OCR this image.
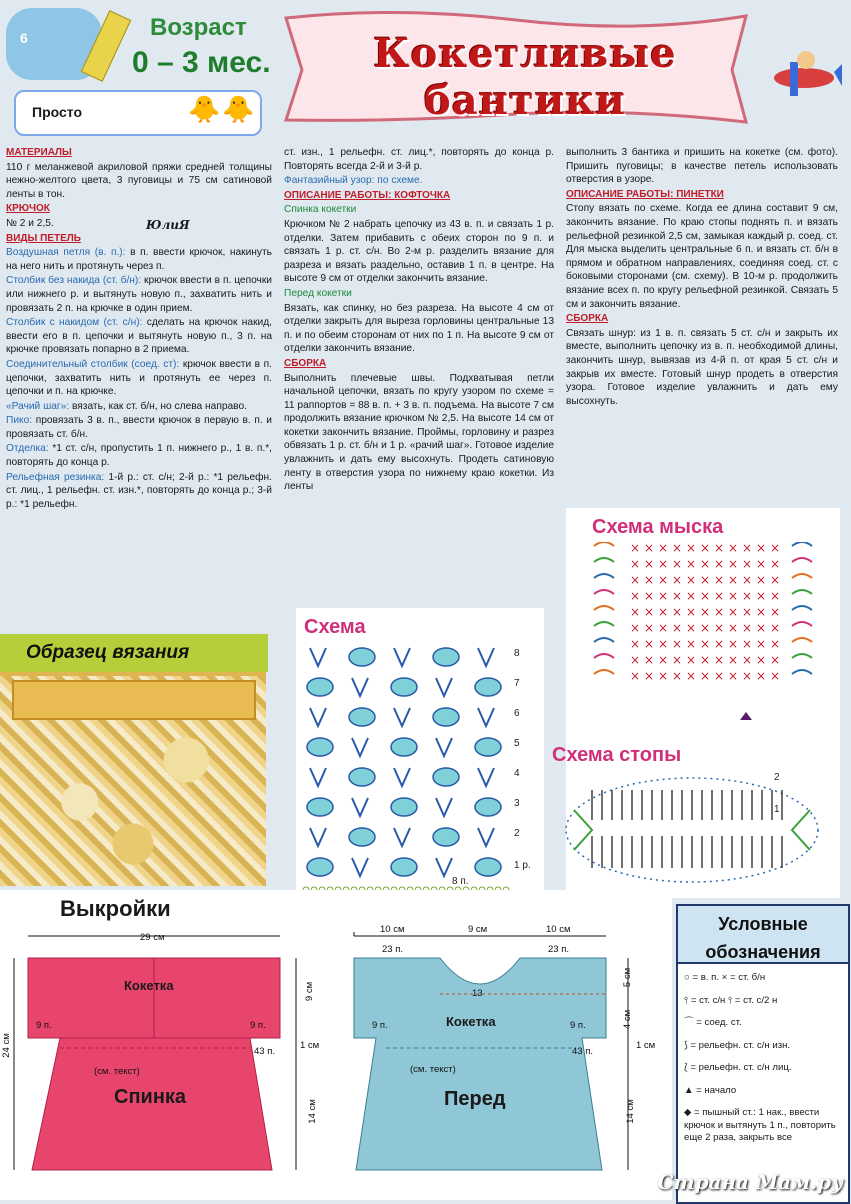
6	Возраст
0 – 3 мес.	Кокетливые бантики
Просто	🐥🐥

МАТЕРИАЛЫ

110 г меланжевой акриловой пряжи средней толщины нежно-желтого цвета, 3 пуговицы и 75 см сатиновой ленты в тон.

КРЮЧОК

№ 2 и 2,5.

ВИДЫ ПЕТЕЛЬ

Воздушная петля (в. п.): в п. ввести крючок, накинуть на него нить и протянуть через п.

Столбик без накида (ст. б/н): крючок ввести в п. цепочки или нижнего р. и вытянуть новую п., захватить нить и провязать 2 п. на крючке в один прием.

Столбик с накидом (ст. с/н): сделать на крючок накид, ввести его в п. цепочки и вытянуть новую п., 3 п. на крючке провязать попарно в 2 приема.

Соединительный столбик (соед. ст): крючок ввести в п. цепочки, захватить нить и протянуть ее через п. цепочки и п. на крючке.

«Рачий шаг»: вязать, как ст. б/н, но слева направо.

Пико: провязать 3 в. п., ввести крючок в первую в. п. и провязать ст. б/н.

Отделка: *1 ст. с/н, пропустить 1 п. нижнего р., 1 в. п.*, повторять до конца р.

Рельефная резинка: 1-й р.: ст. с/н; 2-й р.: *1 рельефн. ст. лиц., 1 рельефн. ст. изн.*, повторять до конца р.; 3-й р.: *1 рельефн.

ЮлиЯ

ст. изн., 1 рельефн. ст. лиц.*, повторять до конца р. Повторять всегда 2-й и 3-й р.

Фантазийный узор: по схеме.

ОПИСАНИЕ РАБОТЫ: КОФТОЧКА

Спинка кокетки

Крючком № 2 набрать цепочку из 43 в. п. и связать 1 р. отделки. Затем прибавить с обеих сторон по 9 п. и связать 1 р. ст. с/н. Во 2-м р. разделить вязание для разреза и вязать раздельно, оставив 1 п. в центре. На высоте 9 см от отделки закончить вязание.

Перед кокетки

Вязать, как спинку, но без разреза. На высоте 4 см от отделки закрыть для выреза горловины центральные 13 п. и по обеим сторонам от них по 1 п. На высоте 9 см от отделки закончить вязание.

СБОРКА

Выполнить плечевые швы. Подхватывая петли начальной цепочки, вязать по кругу узором по схеме = 11 раппортов = 88 в. п. + 3 в. п. подъема. На высоте 7 см продолжить вязание крючком № 2,5. На высоте 14 см от кокетки закончить вязание. Проймы, горловину и разрез обвязать 1 р. ст. б/н и 1 р. «рачий шаг». Готовое изделие увлажнить и дать ему высохнуть. Продеть сатиновую ленту в отверстия узора по нижнему краю кокетки. Из ленты

выполнить 3 бантика и пришить на кокетке (см. фото). Пришить пуговицы; в качестве петель использовать отверстия в узоре.

ОПИСАНИЕ РАБОТЫ: ПИНЕТКИ

Стопу вязать по схеме. Когда ее длина составит 9 см, закончить вязание. По краю стопы поднять п. и вязать рельефной резинкой 2,5 см, замыкая каждый р. соед. ст. Для мыска выделить центральные 6 п. и вязать ст. б/н в прямом и обратном направлениях, соединяя соед. ст. с боковыми сторонами (см. схему). В 10-м р. продолжить вязание всех п. по кругу рельефной резинкой. Связать 5 см и закончить вязание.

СБОРКА

Связать шнур: из 1 в. п. связать 5 ст. с/н и закрыть их вместе, выполнить цепочку из в. п. необходимой длины, закончить шнур, вывязав из 4-й п. от края 5 ст. с/н и закрыв их вместе. Готовый шнур продеть в отверстия узора. Готовое изделие увлажнить и дать ему высохнуть.

Образец вязания
Схема
8
7
6
5
4
3
2
1 р.
8 п.
Схема мыска
× × × × × × × × × × ×
× × × × × × × × × × ×
× × × × × × × × × × ×
× × × × × × × × × × ×
× × × × × × × × × × ×
× × × × × × × × × × ×
× × × × × × × × × × ×
× × × × × × × × × × ×
× × × × × × × × × × ×
Схема стопы
2
1
Выкройки
29 см
Кокетка
9 п.	9 п.
43 п.
(см. текст)
Спинка
24 см
9 см
1 см
14 см
10 см	9 см	10 см
23 п.	23 п.
13
Кокетка
9 п.	9 п.
43 п.
(см. текст)
Перед
5 см
4 см
1 см
14 см
Условные
обозначения
○ = в. п. × = ст. б/н
⫯ = ст. с/н ⫯ = ст. с/2 н
⌒ = соед. ст.
⟆ = рельефн. ст. с/н изн.
⟅ = рельефн. ст. с/н лиц.
▲ = начало
◆ = пышный ст.: 1 нак., ввести крючок и вытянуть 1 п., повторить еще 2 раза, закрыть все
Страна Мам.ру
